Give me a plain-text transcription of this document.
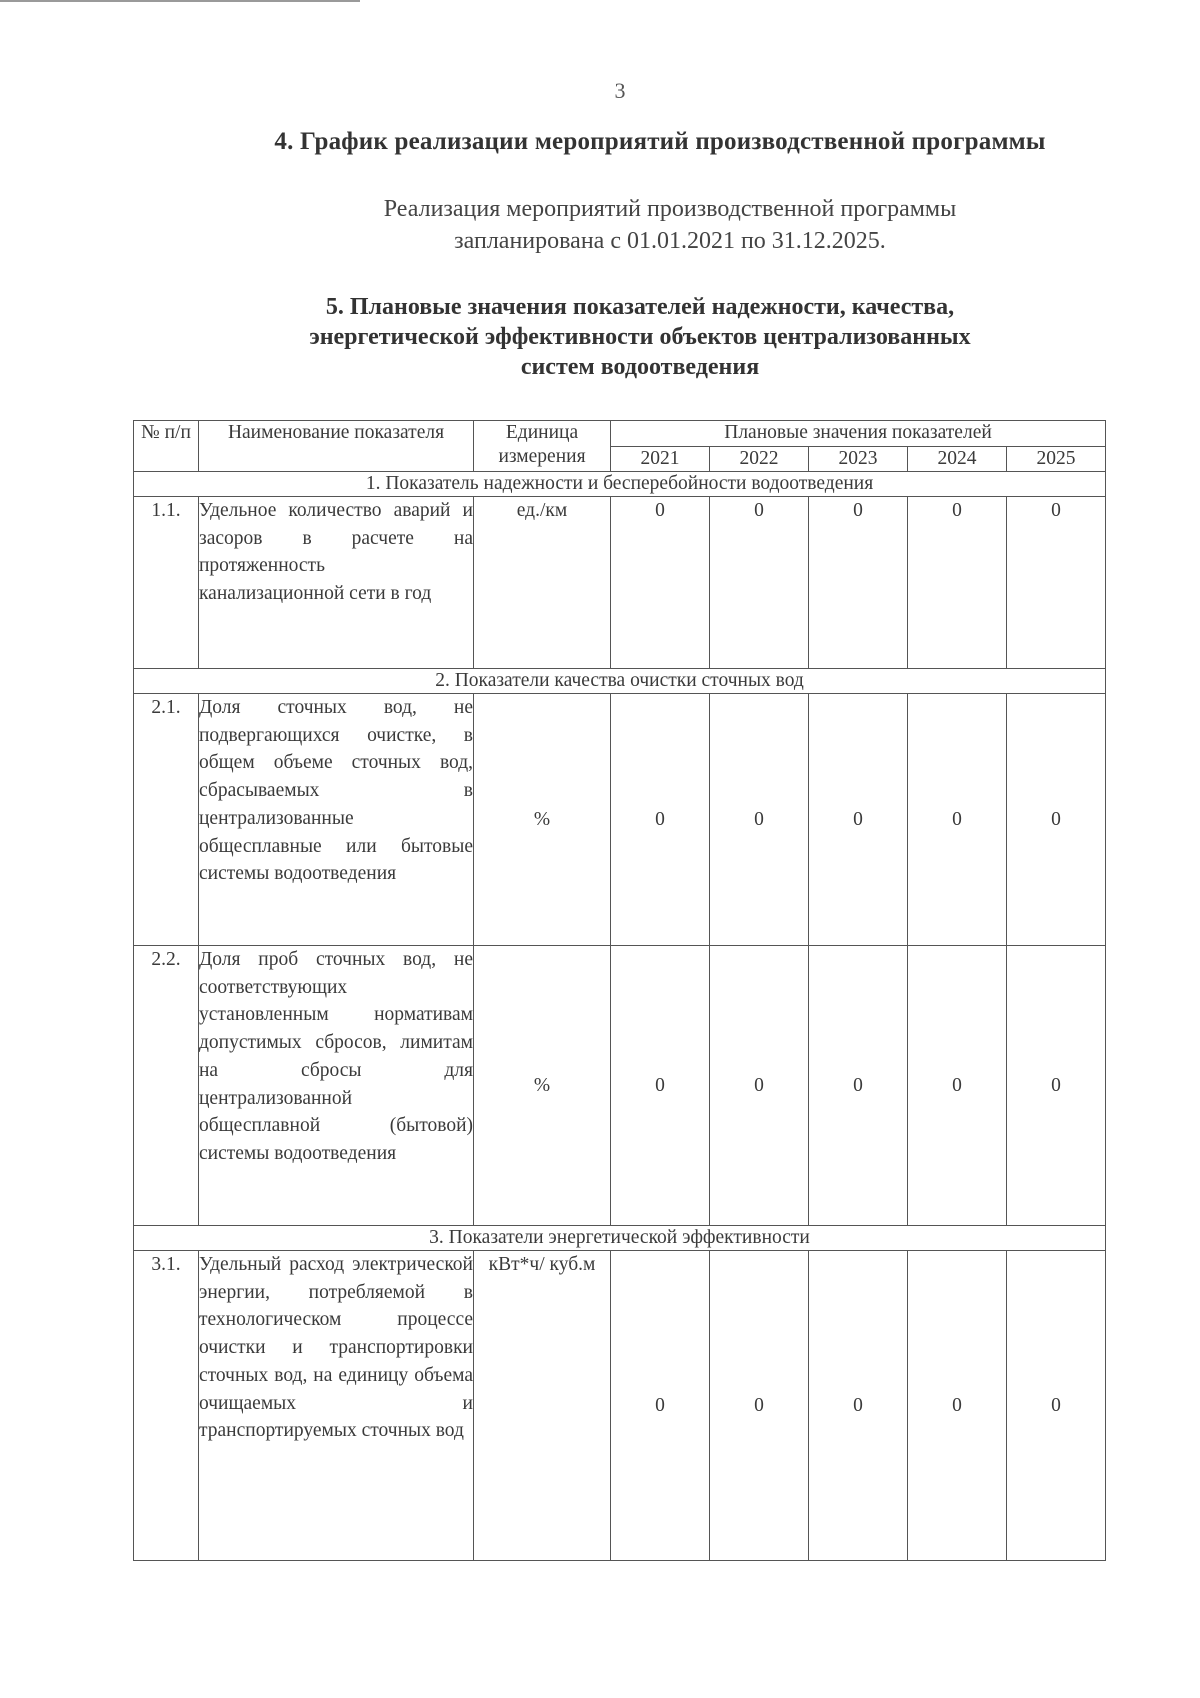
3
4. График реализации мероприятий производственной программы
Реализация мероприятий производственной программы
запланирована с 01.01.2021 по 31.12.2025.
5. Плановые значения показателей надежности, качества,
энергетической эффективности объектов централизованных
систем водоотведения
№ п/п	Наименование показателя	Единица измерения	Плановые значения показателей				
			2021	2022	2023	2024	2025
1. Показатель надежности и бесперебойности водоотведения							
1.1.	Удельное количество аварий и засоров в расчете на протяженность канализационной сети в год	ед./км	0	0	0	0	0
2. Показатели качества очистки сточных вод							
2.1.	Доля сточных вод, не подвергающихся очистке, в общем объеме сточных вод, сбрасываемых в централизованные общесплавные или бытовые системы водоотведения	%	0	0	0	0	0
2.2.	Доля проб сточных вод, не соответствующих установленным нормативам допустимых сбросов, лимитам на сбросы для централизованной общесплавной (бытовой) системы водоотведения	%	0	0	0	0	0
3. Показатели энергетической эффективности							
3.1.	Удельный расход электрической энергии, потребляемой в технологическом процессе очистки и транспортировки сточных вод, на единицу объема очищаемых и транспортируемых сточных вод	кВт*ч/ куб.м	0	0	0	0	0
